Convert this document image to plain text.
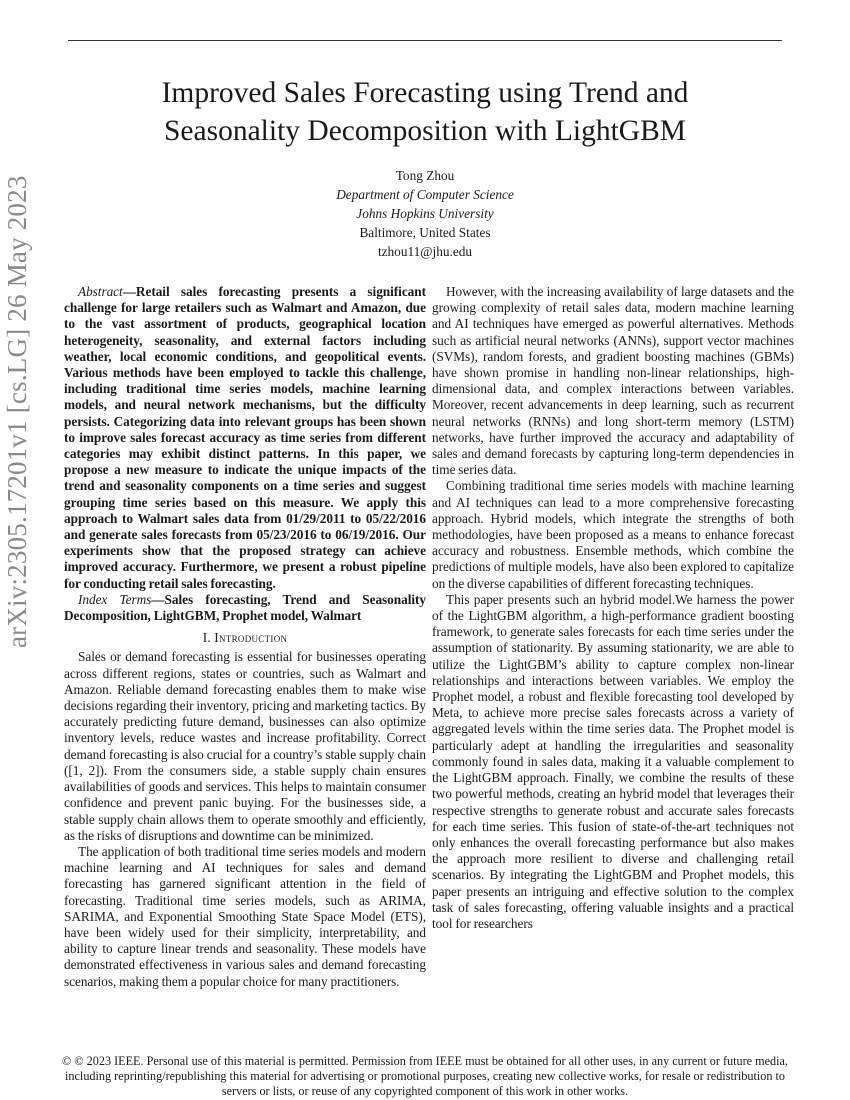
Improved Sales Forecasting using Trend and
Seasonality Decomposition with LightGBM
Tong Zhou
Department of Computer Science
Johns Hopkins University
Baltimore, United States
tzhou11@jhu.edu
arXiv:2305.17201v1 [cs.LG] 26 May 2023	Abstract—Retail sales forecasting presents a significant challenge for large retailers such as Walmart and Amazon, due to the vast assortment of products, geographical location heterogeneity, seasonality, and external factors including weather, local economic conditions, and geopolitical events. Various methods have been employed to tackle this challenge, including traditional time series models, machine learning models, and neural network mechanisms, but the difficulty persists. Categorizing data into relevant groups has been shown to improve sales forecast accuracy as time series from different categories may exhibit distinct patterns. In this paper, we propose a new measure to indicate the unique impacts of the trend and seasonality components on a time series and suggest grouping time series based on this measure. We apply this approach to Walmart sales data from 01/29/2011 to 05/22/2016 and generate sales forecasts from 05/23/2016 to 06/19/2016. Our experiments show that the proposed strategy can achieve improved accuracy. Furthermore, we present a robust pipeline for conducting retail sales forecasting.

Index Terms—Sales forecasting, Trend and Seasonality Decomposition, LightGBM, Prophet model, Walmart

I. Introduction

Sales or demand forecasting is essential for businesses operating across different regions, states or countries, such as Walmart and Amazon. Reliable demand forecasting enables them to make wise decisions regarding their inventory, pricing and marketing tactics. By accurately predicting future demand, businesses can also optimize inventory levels, reduce wastes and increase profitability. Correct demand forecasting is also crucial for a country’s stable supply chain ([1, 2]). From the consumers side, a stable supply chain ensures availabilities of goods and services. This helps to maintain consumer confidence and prevent panic buying. For the businesses side, a stable supply chain allows them to operate smoothly and efficiently, as the risks of disruptions and downtime can be minimized.

The application of both traditional time series models and modern machine learning and AI techniques for sales and demand forecasting has garnered significant attention in the field of forecasting. Traditional time series models, such as ARIMA, SARIMA, and Exponential Smoothing State Space Model (ETS), have been widely used for their simplicity, interpretability, and ability to capture linear trends and seasonality. These models have demonstrated effectiveness in various sales and demand forecasting scenarios, making them a popular choice for many practitioners.

However, with the increasing availability of large datasets and the growing complexity of retail sales data, modern machine learning and AI techniques have emerged as powerful alternatives. Methods such as artificial neural networks (ANNs), support vector machines (SVMs), random forests, and gradient boosting machines (GBMs) have shown promise in handling non-linear relationships, high-dimensional data, and complex interactions between variables. Moreover, recent advancements in deep learning, such as recurrent neural networks (RNNs) and long short-term memory (LSTM) networks, have further improved the accuracy and adaptability of sales and demand forecasts by capturing long-term dependencies in time series data.

Combining traditional time series models with machine learning and AI techniques can lead to a more comprehensive forecasting approach. Hybrid models, which integrate the strengths of both methodologies, have been proposed as a means to enhance forecast accuracy and robustness. Ensemble methods, which combine the predictions of multiple models, have also been explored to capitalize on the diverse capabilities of different forecasting techniques.

This paper presents such an hybrid model.We harness the power of the LightGBM algorithm, a high-performance gradient boosting framework, to generate sales forecasts for each time series under the assumption of stationarity. By assuming stationarity, we are able to utilize the LightGBM’s ability to capture complex non-linear relationships and interactions between variables. We employ the Prophet model, a robust and flexible forecasting tool developed by Meta, to achieve more precise sales forecasts across a variety of aggregated levels within the time series data. The Prophet model is particularly adept at handling the irregularities and seasonality commonly found in sales data, making it a valuable complement to the LightGBM approach. Finally, we combine the results of these two powerful methods, creating an hybrid model that leverages their respective strengths to generate robust and accurate sales forecasts for each time series. This fusion of state-of-the-art techniques not only enhances the overall forecasting performance but also makes the approach more resilient to diverse and challenging retail scenarios. By integrating the LightGBM and Prophet models, this paper presents an intriguing and effective solution to the complex task of sales forecasting, offering valuable insights and a practical tool for researchers

© © 2023 IEEE. Personal use of this material is permitted. Permission from IEEE must be obtained for all other uses, in any current or future media, including reprinting/republishing this material for advertising or promotional purposes, creating new collective works, for resale or redistribution to servers or lists, or reuse of any copyrighted component of this work in other works.
